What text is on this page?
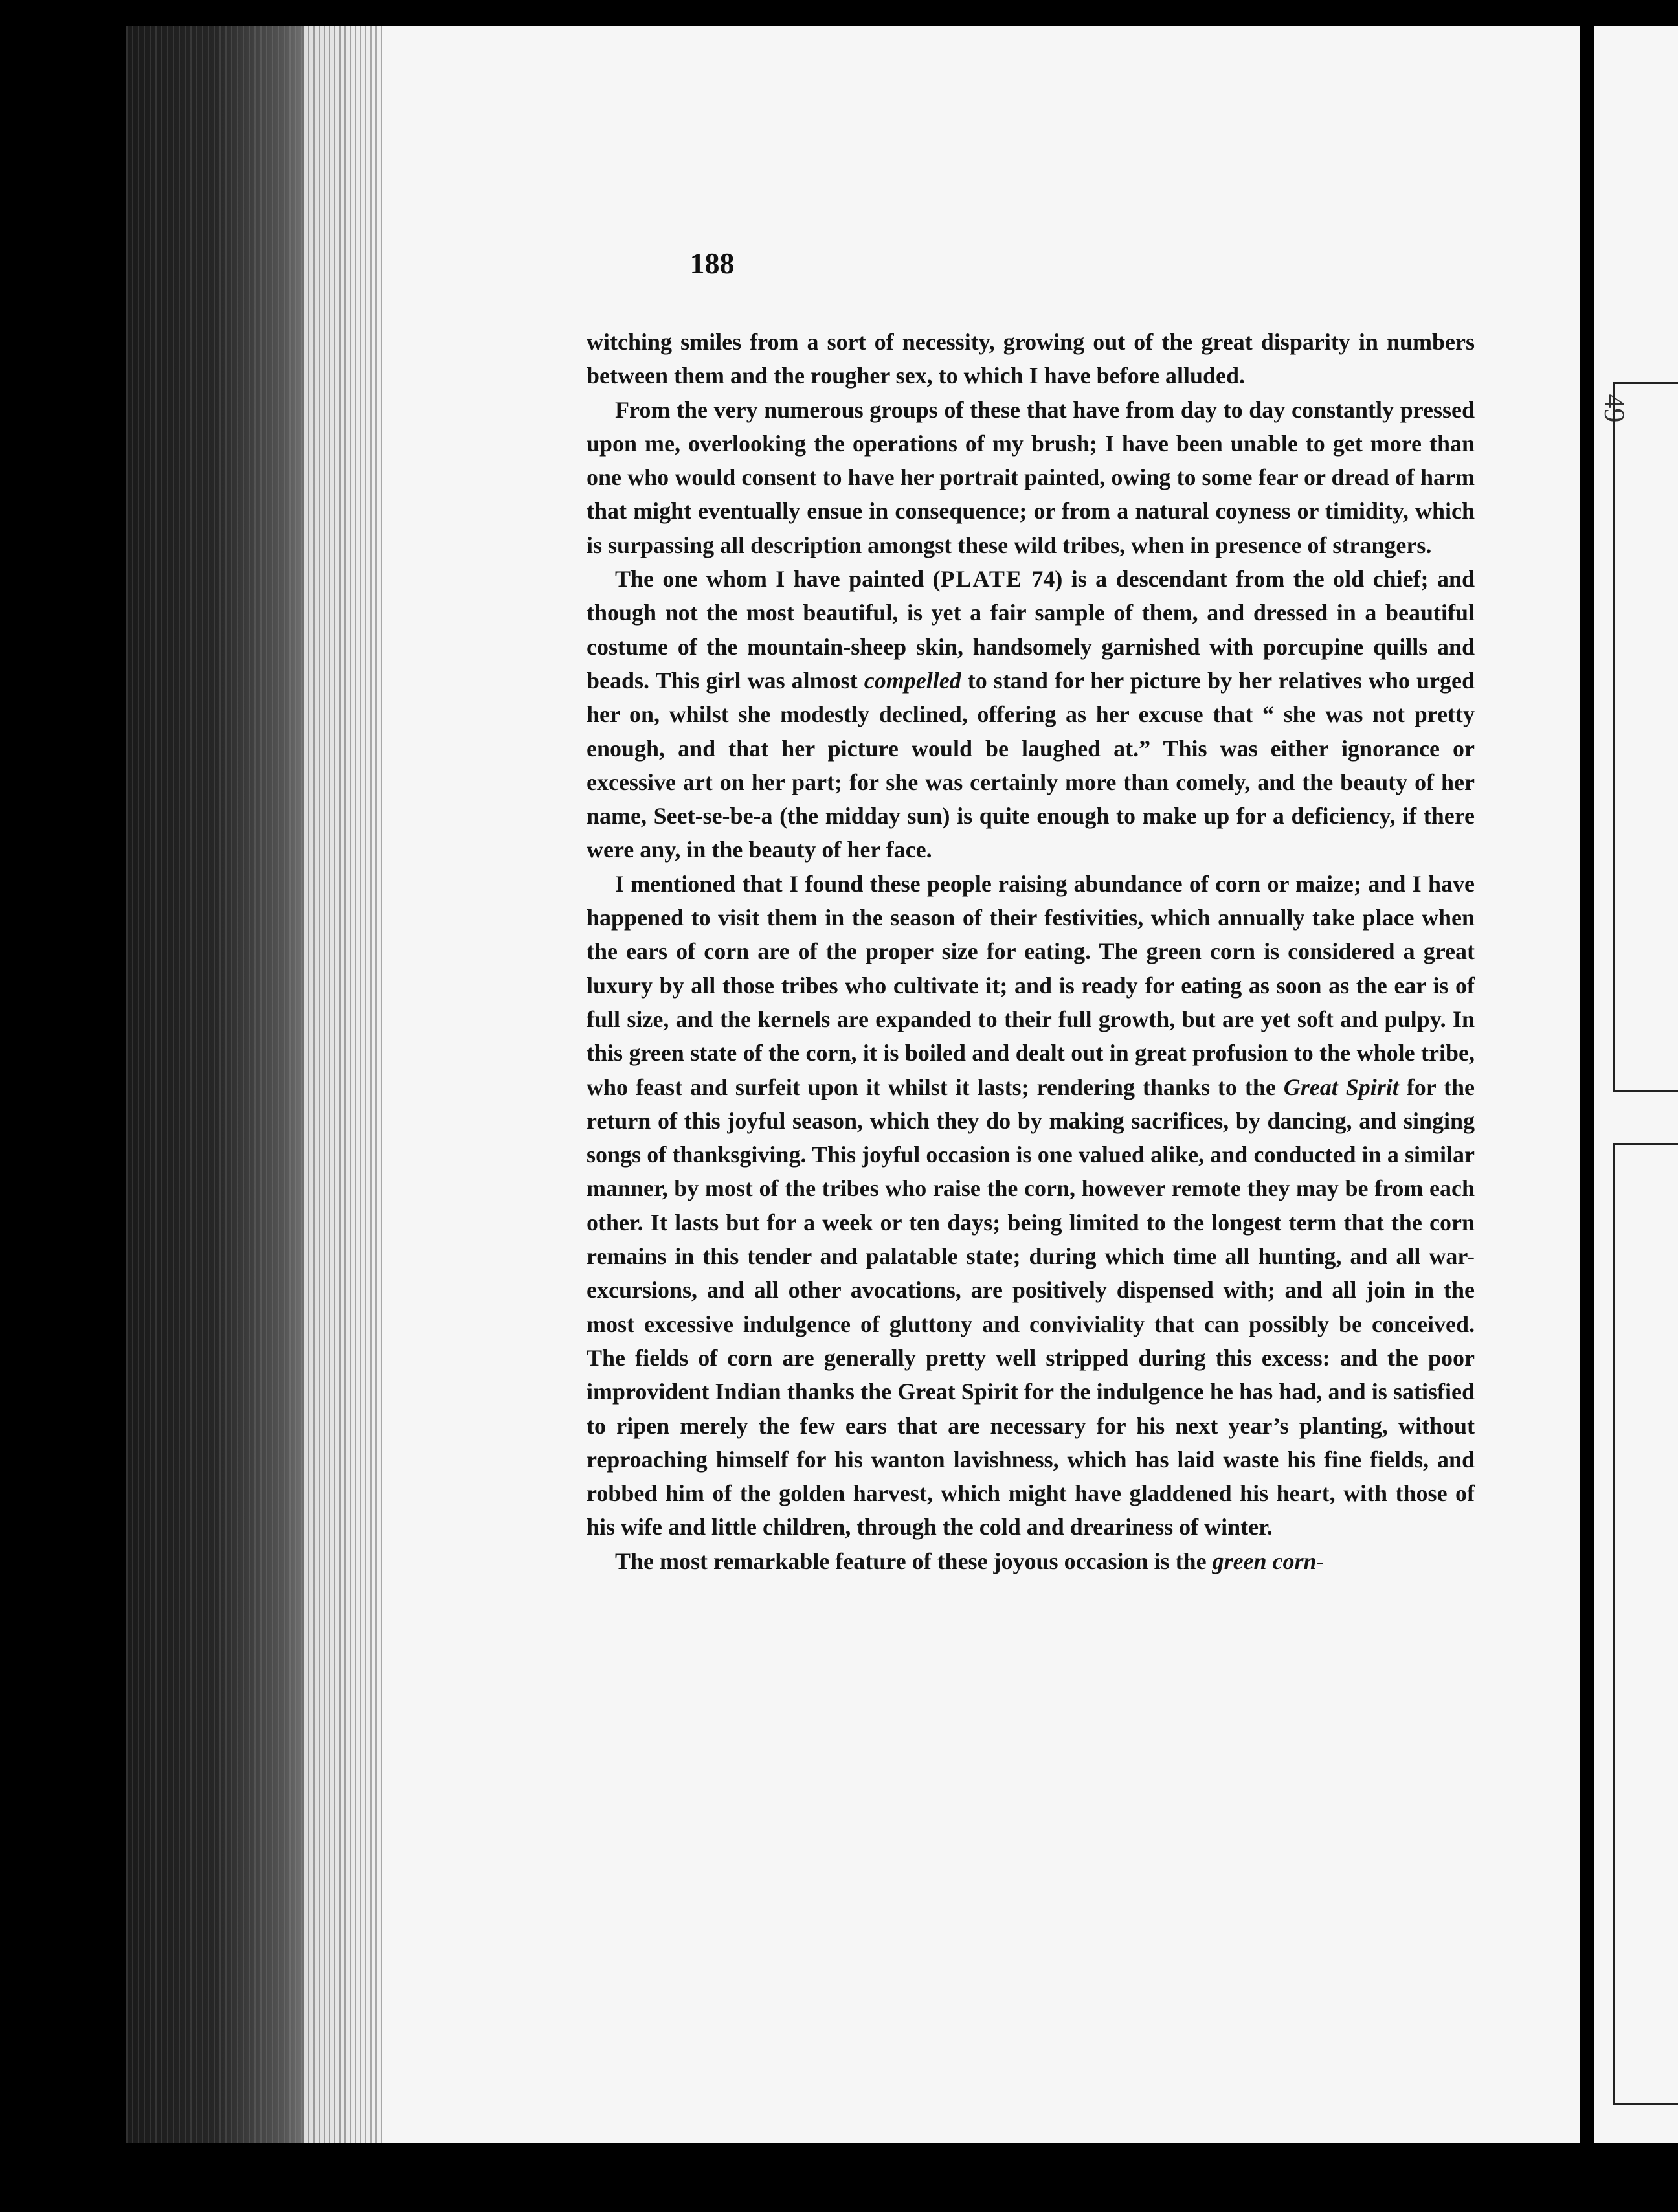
49
188

witching smiles from a sort of necessity, growing out of the great disparity in numbers between them and the rougher sex, to which I have before alluded.

From the very numerous groups of these that have from day to day constantly pressed upon me, overlooking the operations of my brush; I have been unable to get more than one who would consent to have her portrait painted, owing to some fear or dread of harm that might eventually ensue in consequence; or from a natural coyness or timidity, which is surpassing all description amongst these wild tribes, when in presence of strangers.

The one whom I have painted (PLATE 74) is a descendant from the old chief; and though not the most beautiful, is yet a fair sample of them, and dressed in a beautiful costume of the mountain-sheep skin, handsomely garnished with porcupine quills and beads. This girl was almost compelled to stand for her picture by her relatives who urged her on, whilst she modestly declined, offering as her excuse that “ she was not pretty enough, and that her picture would be laughed at.” This was either ignorance or excessive art on her part; for she was certainly more than comely, and the beauty of her name, Seet-se-be-a (the midday sun) is quite enough to make up for a deficiency, if there were any, in the beauty of her face.

I mentioned that I found these people raising abundance of corn or maize; and I have happened to visit them in the season of their festivities, which annually take place when the ears of corn are of the proper size for eating. The green corn is considered a great luxury by all those tribes who cultivate it; and is ready for eating as soon as the ear is of full size, and the kernels are expanded to their full growth, but are yet soft and pulpy. In this green state of the corn, it is boiled and dealt out in great profusion to the whole tribe, who feast and surfeit upon it whilst it lasts; rendering thanks to the Great Spirit for the return of this joyful season, which they do by making sacrifices, by dancing, and singing songs of thanksgiving. This joyful occasion is one valued alike, and conducted in a similar manner, by most of the tribes who raise the corn, however remote they may be from each other. It lasts but for a week or ten days; being limited to the longest term that the corn remains in this tender and palatable state; during which time all hunting, and all war-excursions, and all other avocations, are positively dispensed with; and all join in the most excessive indulgence of gluttony and conviviality that can possibly be conceived. The fields of corn are generally pretty well stripped during this excess: and the poor improvident Indian thanks the Great Spirit for the indulgence he has had, and is satisfied to ripen merely the few ears that are necessary for his next year’s planting, without reproaching himself for his wanton lavishness, which has laid waste his fine fields, and robbed him of the golden harvest, which might have gladdened his heart, with those of his wife and little children, through the cold and dreariness of winter.

The most remarkable feature of these joyous occasion is the green corn-
